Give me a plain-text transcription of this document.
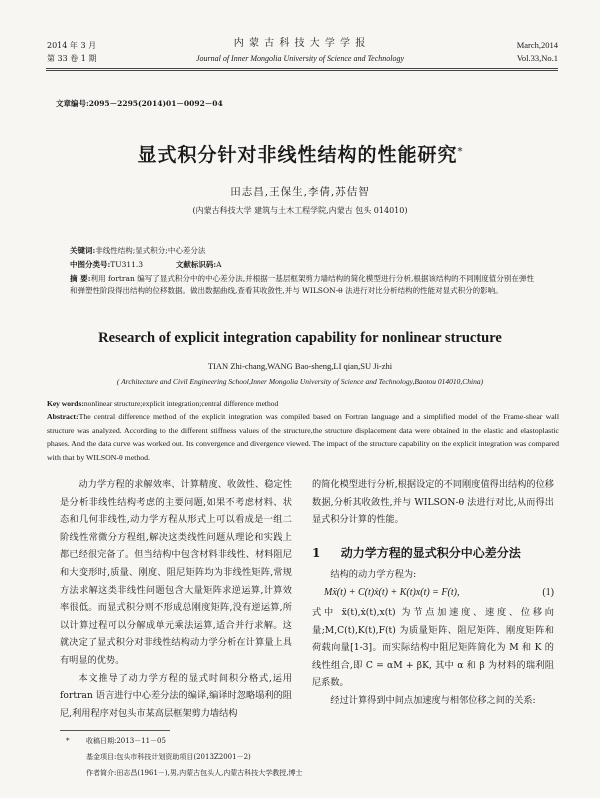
2014 年 3 月
第 33 卷 1 期
内 蒙 古 科 技 大 学 学 报
Journal of Inner Mongolia University of Science and Technology
March,2014
Vol.33,No.1
文章编号:2095－2295(2014)01－0092－04
显式积分针对非线性结构的性能研究*
田志昌,王保生,李倩,苏佶智
(内蒙古科技大学 建筑与土木工程学院,内蒙古 包头 014010)
关键词:非线性结构;显式积分;中心差分法
中图分类号:TU311.3	文献标识码:A
摘 要:利用 fortran 编写了显式积分中的中心差分法,并根据一基层框架剪力墙结构的简化模型进行分析,根据该结构的不同刚度值分别在弹性和弹塑性阶段得出结构的位移数据。做出数据曲线,查看其收敛性,并与 WILSON-θ 法进行对比分析结构的性能对显式积分的影响。
Research of explicit integration capability for nonlinear structure
TIAN Zhi-chang,WANG Bao-sheng,LI qian,SU Ji-zhi
( Architecture and Civil Engineering School,Inner Mongolia University of Science and Technology,Baotou 014010,China)
Key words:nonlinear structure;explicit integration;central difference method
Abstract:The central difference method of the explicit integration was compiled based on Fortran language and a simplified model of the Frame-shear wall structure was analyzed. According to the different stiffness values of the structure,the structure displacement data were obtained in the elastic and elastoplastic phases. And the data curve was worked out. Its convergence and divergence viewed. The impact of the structure capability on the explicit integration was compared with that by WILSON-θ method.

动力学方程的求解效率、计算精度、收敛性、稳定性是分析非线性结构考虑的主要问题,如果不考虑材料、状态和几何非线性,动力学方程从形式上可以看成是一组二阶线性常微分方程组,解决这类线性问题从理论和实践上都已经很完备了。但当结构中包含材料非线性、材料阻尼和大变形时,质量、刚度、阻尼矩阵均为非线性矩阵,常规方法求解这类非线性问题包含大量矩阵求逆运算,计算效率很低。而显式积分则不形成总刚度矩阵,没有逆运算,所以计算过程可以分解成单元乘法运算,适合并行求解。这就决定了显式积分对非线性结构动力学分析在计算量上具有明显的优势。

本文推导了动力学方程的显式时间积分格式,运用 fortran 语言进行中心差分法的编译,编译时忽略塌利的阻尼,利用程序对包头市某高层框架剪力墙结构

的简化模型进行分析,根据设定的不同刚度值得出结构的位移数据,分析其收敛性,并与 WILSON-θ 法进行对比,从而得出显式积分计算的性能。

1 动力学方程的显式积分中心差分法

结构的动力学方程为:

Mẍ(t) + C(t)ẋ(t) + K(t)x(t) = F(t),	(1)

式中 ẍ(t),ẋ(t),x(t) 为节点加速度、速度、位移向量;M,C(t),K(t),F(t) 为质量矩阵、阻尼矩阵、刚度矩阵和荷载向量[1-3]。而实际结构中阻尼矩阵简化为 M 和 K 的线性组合,即 C = αM + βK, 其中 α 和 β 为材料的瑞利阻尼系数。

经过计算得到中间点加速度与相邻位移之间的关系:

* 收稿日期:2013－11－05
基金项目:包头市科技计划资助项目(2013Z2001－2)
作者简介:田志昌(1961－),男,内蒙古包头人,内蒙古科技大学教授,博士
